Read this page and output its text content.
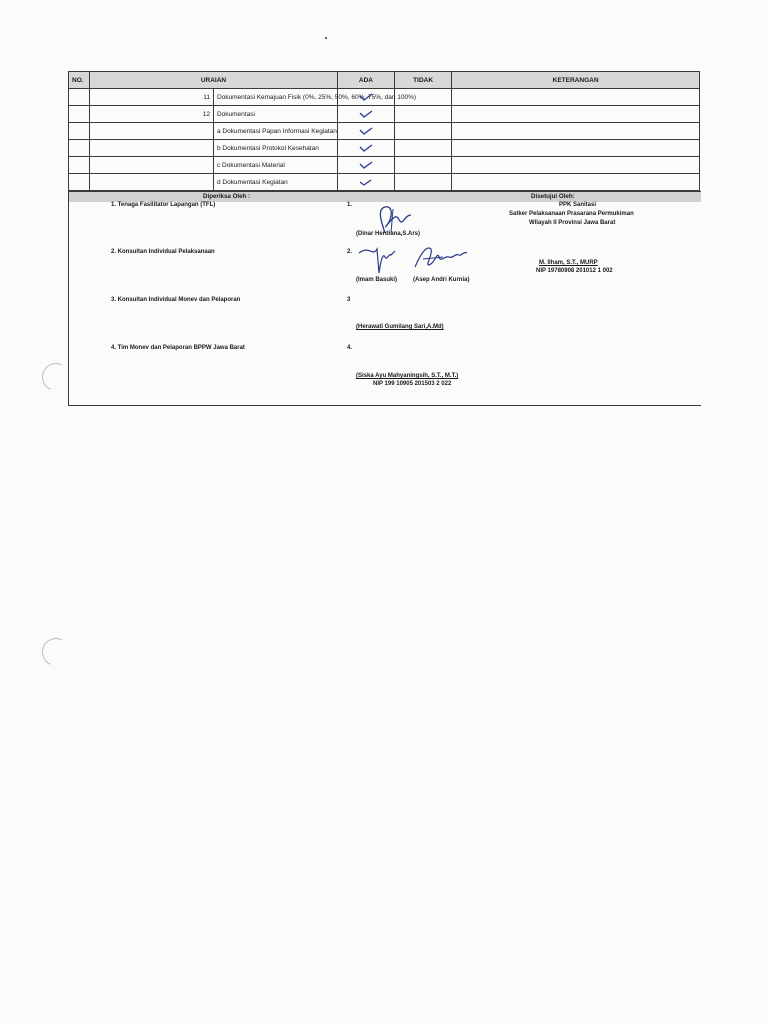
NO.	URAIAN		ADA	TIDAK	KETERANGAN
	11	Dokumentasi Kemajuan Fisik (0%, 25%, 50%, 60%, 75%, dan 100%)	

	12	Dokumentasi	

		a Dokumentasi Papan Informasi Kegiatan	

		b Dokumentasi Protokol Kesehatan	

		c Dokumentasi Material	

		d Dokumentasi Kegiatan	

Diperiksa Oleh :	Disetujui Oleh:
1. Tenaga Fasilitator Lapangan (TFL)	1.
(Dinar Herdiana,S.Ars)
2. Konsultan Individual Pelaksanaan	2.
(Imam Basuki)	(Asep Andri Kurnia)
3. Konsultan Individual Monev dan Pelaporan	3
(Herawati Gumilang Sari,A.Md)
4. Tim Monev dan Pelaporan BPPW Jawa Barat	4.
(Siska Ayu Mahyaningsih, S.T., M.T.)
NIP 199 10905 201503 2 022
PPK Sanitasi
Satker Pelaksanaan Prasarana Permukiman
Wilayah II Provinsi Jawa Barat
M. Ilham, S.T., MURP
NIP 19780908 201012 1 002
